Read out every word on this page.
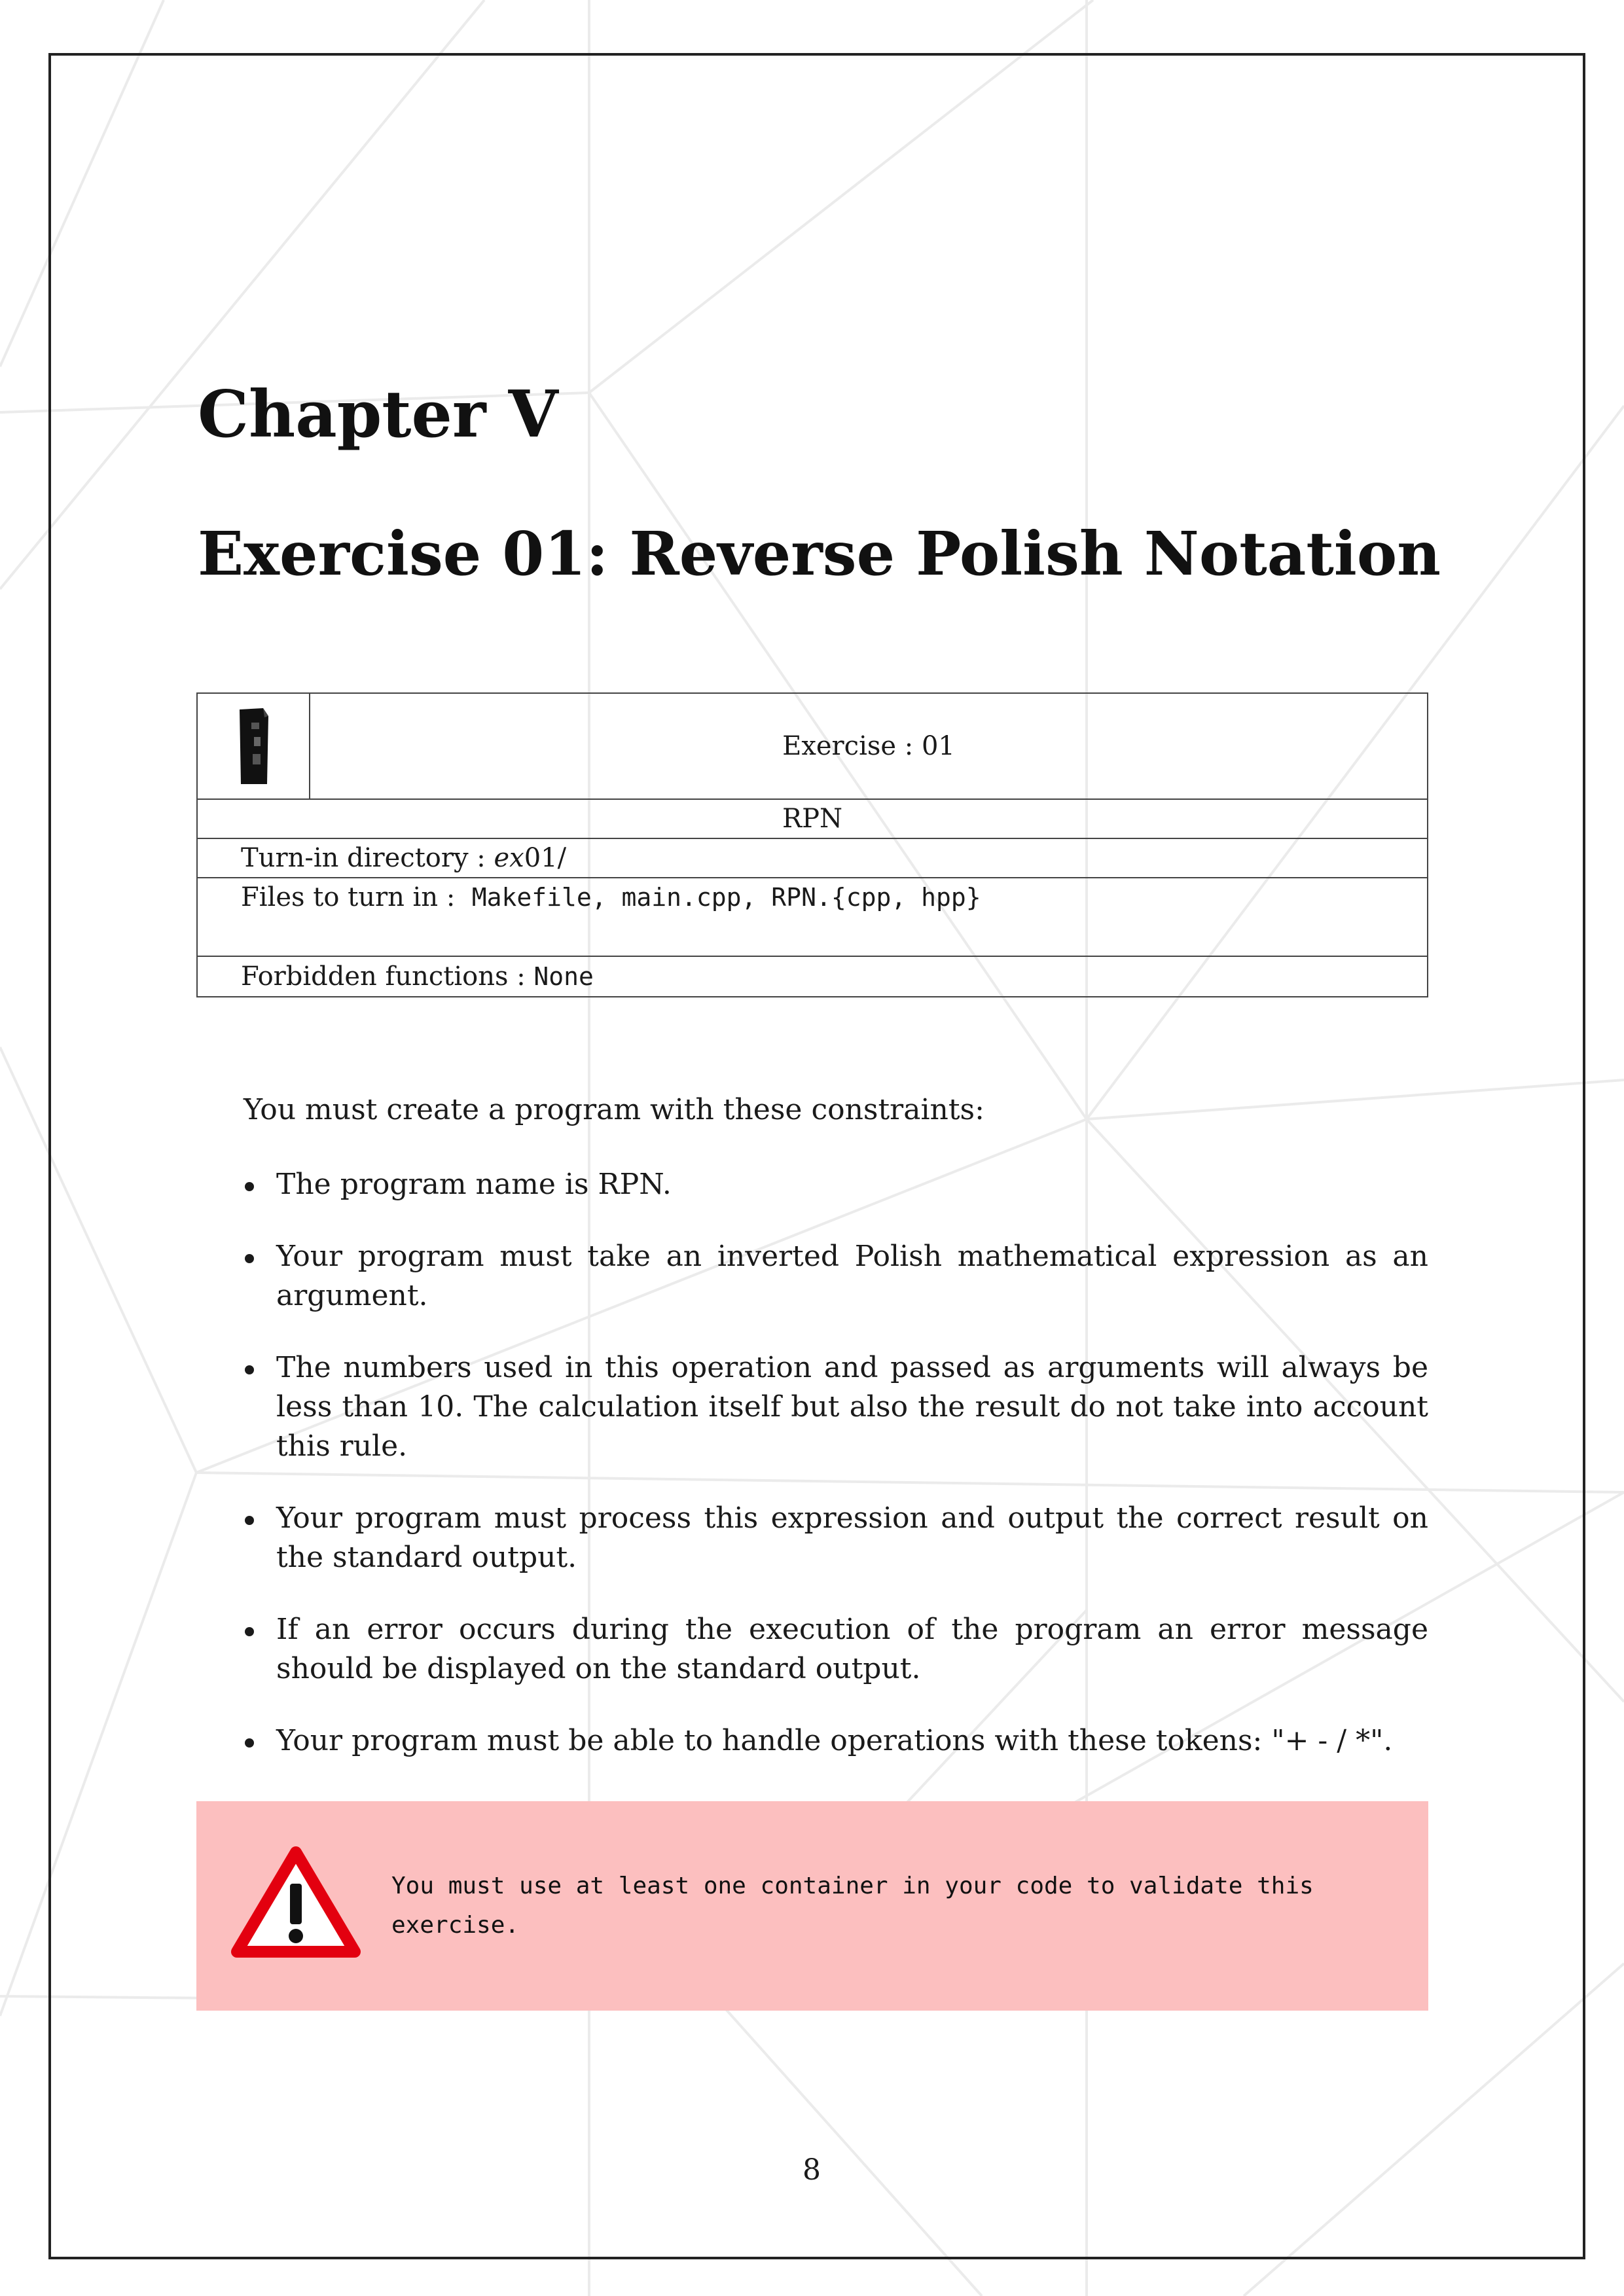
Chapter V
Exercise 01: Reverse Polish Notation
Exercise : 01
RPN
Turn-in directory :
ex 01/
Files to turn in :  Makefile, main.cpp, RPN.{cpp, hpp}
Forbidden functions :
None
You must create a program with these constraints:
The program name is RPN.
Your program must take an inverted Polish mathematical expression as an argument.
The numbers used in this operation and passed as arguments will always be less than 10. The calculation itself but also the result do not take into account this rule.
Your program must process this expression and output the correct result on the standard output.
If an error occurs during the execution of the program an error message should be displayed on the standard output.
Your program must be able to handle operations with these tokens: "+ - / *".
You must use at least one container in your code to validate this exercise.
8
